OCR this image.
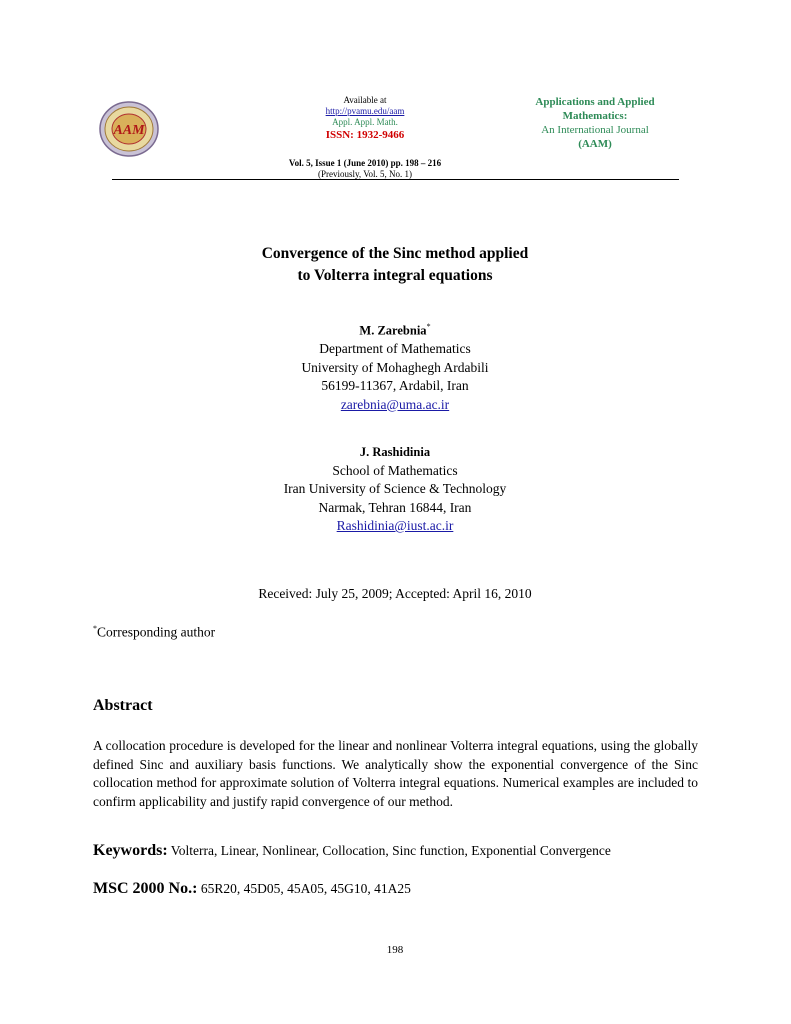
AAM
Available at
http://pvamu.edu/aam
Appl. Appl. Math.
ISSN: 1932-9466
Applications and Applied
Mathematics:
An International Journal
(AAM)
Vol. 5, Issue 1 (June 2010) pp. 198 – 216
(Previously, Vol. 5, No. 1)
Convergence of the Sinc method applied
to Volterra integral equations
M. Zarebnia*
Department of Mathematics
University of Mohaghegh Ardabili
56199-11367, Ardabil, Iran
zarebnia@uma.ac.ir
J. Rashidinia
School of Mathematics
Iran University of Science & Technology
Narmak, Tehran 16844, Iran
Rashidinia@iust.ac.ir
Received: July 25, 2009; Accepted: April 16, 2010
*Corresponding author
Abstract
A collocation procedure is developed for the linear and nonlinear Volterra integral equations, using the globally defined Sinc and auxiliary basis functions. We analytically show the exponential convergence of the Sinc collocation method for approximate solution of Volterra integral equations. Numerical examples are included to confirm applicability and justify rapid convergence of our method.
Keywords: Volterra, Linear, Nonlinear, Collocation, Sinc function, Exponential Convergence
MSC 2000 No.: 65R20, 45D05, 45A05, 45G10, 41A25
198
